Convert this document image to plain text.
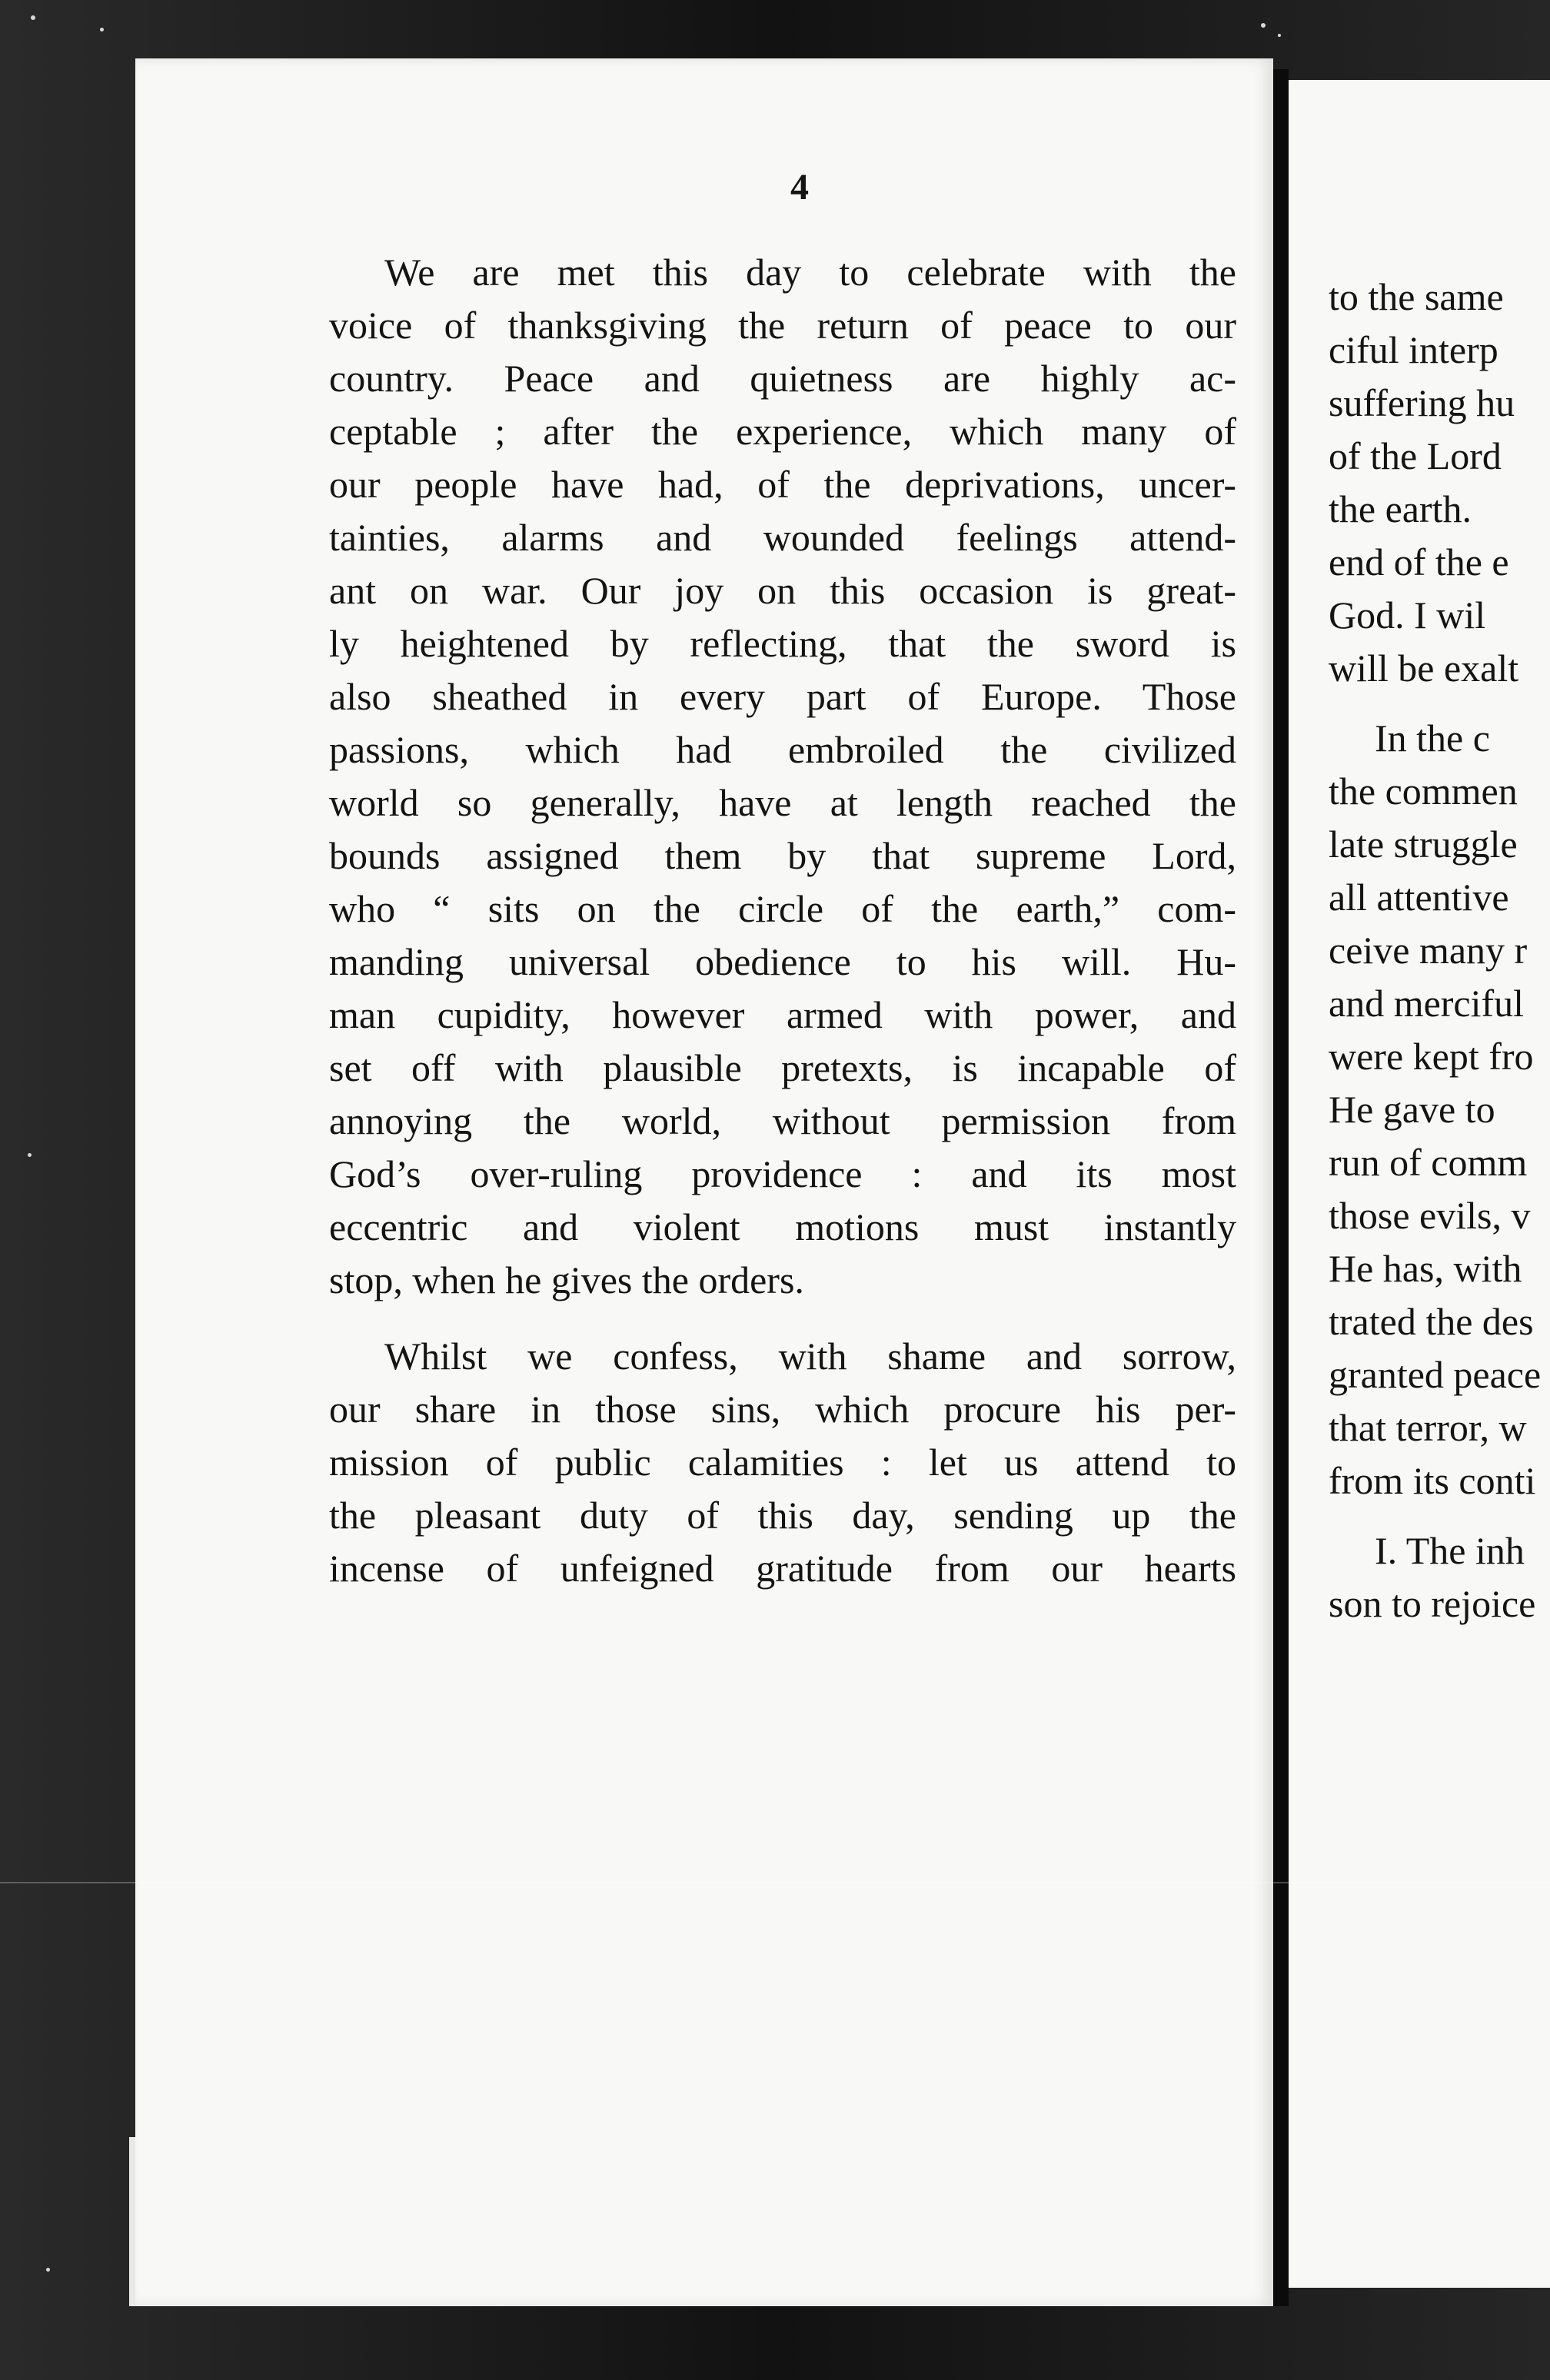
4
We are met this day to celebrate with the
voice of thanksgiving the return of peace to our
country. Peace and quietness are highly ac-
ceptable ; after the experience, which many of
our people have had, of the deprivations, uncer-
tainties, alarms and wounded feelings attend-
ant on war. Our joy on this occasion is great-
ly heightened by reflecting, that the sword is
also sheathed in every part of Europe. Those
passions, which had embroiled the civilized
world so generally, have at length reached the
bounds assigned them by that supreme Lord,
who “ sits on the circle of the earth,” com-
manding universal obedience to his will. Hu-
man cupidity, however armed with power, and
set off with plausible pretexts, is incapable of
annoying the world, without permission from
God’s over-ruling providence : and its most
eccentric and violent motions must instantly
stop, when he gives the orders.
Whilst we confess, with shame and sorrow,
our share in those sins, which procure his per-
mission of public calamities : let us attend to
the pleasant duty of this day, sending up the
incense of unfeigned gratitude from our hearts
to the same
ciful interp
suffering hu
of the Lord
the earth.
end of the e
God. I wil
will be exalt
In the c
the commen
late struggle
all attentive
ceive many r
and merciful
were kept fro
He gave to
run of comm
those evils, v
He has, with
trated the des
granted peace
that terror, w
from its conti
I. The inh
son to rejoice
